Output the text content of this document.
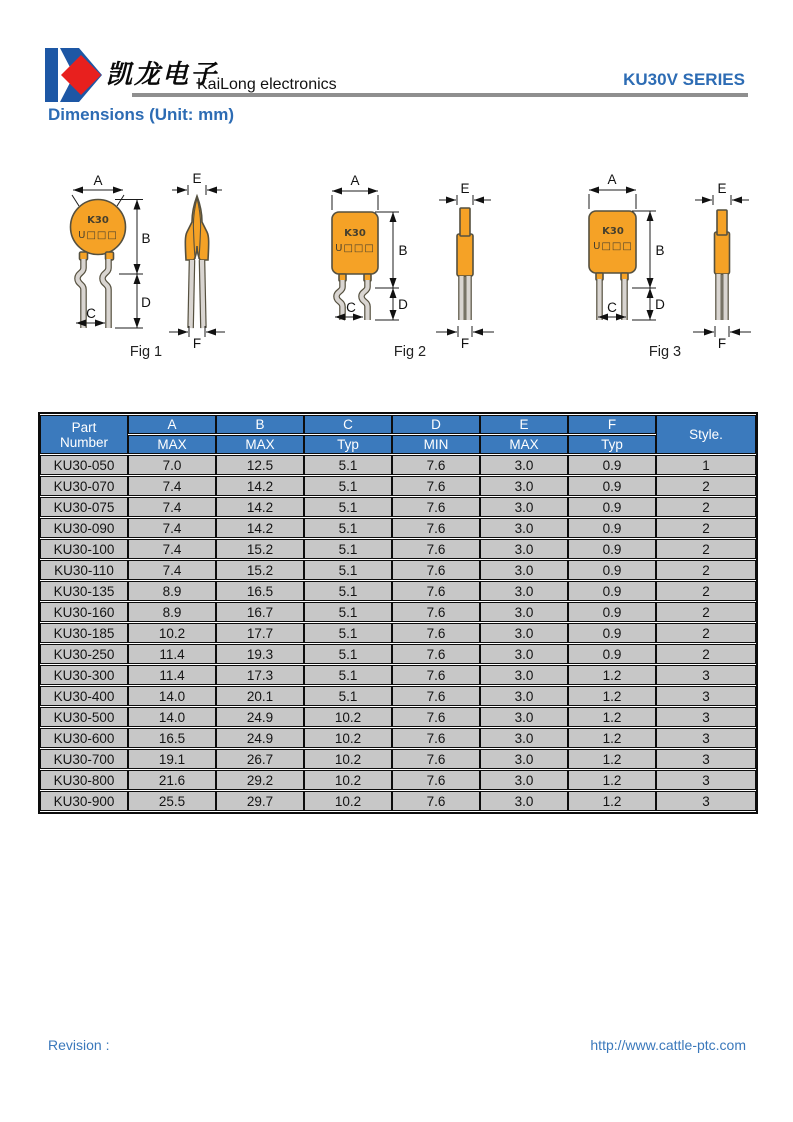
凯龙电子
KaiLong electronics	KU30V SERIES
Dimensions (Unit: mm)
A
K30
U□□□ B
D
C
E
F
Fig 1
A
K30
U□□□ B
D
C
E
F
Fig 2
A
K30
U□□□ B
D
C
E
F
Fig 3
Part
Number	A	B	C	D	E	F	Style.
	MAX	MAX	Typ	MIN	MAX	Typ	
KU30-050	7.0	12.5	5.1	7.6	3.0	0.9	1
KU30-070	7.4	14.2	5.1	7.6	3.0	0.9	2
KU30-075	7.4	14.2	5.1	7.6	3.0	0.9	2
KU30-090	7.4	14.2	5.1	7.6	3.0	0.9	2
KU30-100	7.4	15.2	5.1	7.6	3.0	0.9	2
KU30-110	7.4	15.2	5.1	7.6	3.0	0.9	2
KU30-135	8.9	16.5	5.1	7.6	3.0	0.9	2
KU30-160	8.9	16.7	5.1	7.6	3.0	0.9	2
KU30-185	10.2	17.7	5.1	7.6	3.0	0.9	2
KU30-250	11.4	19.3	5.1	7.6	3.0	0.9	2
KU30-300	11.4	17.3	5.1	7.6	3.0	1.2	3
KU30-400	14.0	20.1	5.1	7.6	3.0	1.2	3
KU30-500	14.0	24.9	10.2	7.6	3.0	1.2	3
KU30-600	16.5	24.9	10.2	7.6	3.0	1.2	3
KU30-700	19.1	26.7	10.2	7.6	3.0	1.2	3
KU30-800	21.6	29.2	10.2	7.6	3.0	1.2	3
KU30-900	25.5	29.7	10.2	7.6	3.0	1.2	3
Revision :	http://www.cattle-ptc.com
